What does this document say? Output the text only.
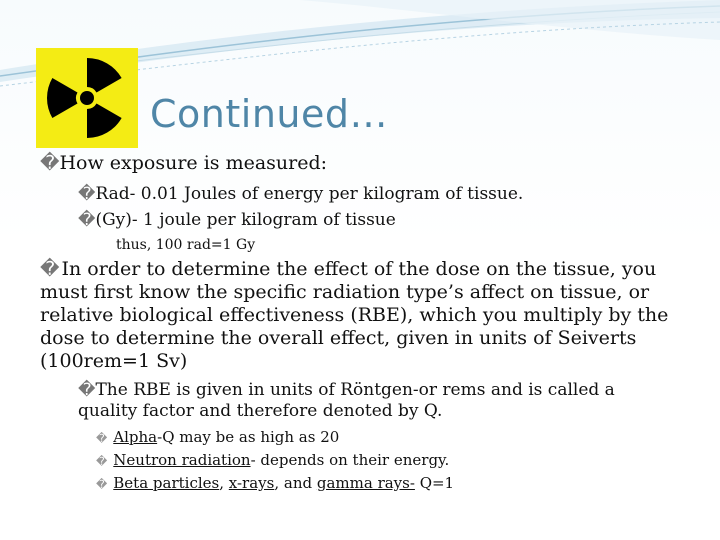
Continued…
�How exposure is measured:
�Rad- 0.01 Joules of energy per kilogram of tissue.
�(Gy)- 1 joule per kilogram of tissue
thus, 100 rad=1 Gy
� In order to determine the effect of the dose on the tissue, you must first know the specific radiation type’s affect on tissue, or relative biological effectiveness (RBE), which you multiply by the dose to determine the overall effect, given in units of Seiverts (100rem=1 Sv)
�The RBE is given in units of Röntgen-or rems and is called a quality factor and therefore denoted by Q.
� Alpha-Q may be as high as 20
� Neutron radiation- depends on their energy.
� Beta particles, x-rays, and gamma rays- Q=1
